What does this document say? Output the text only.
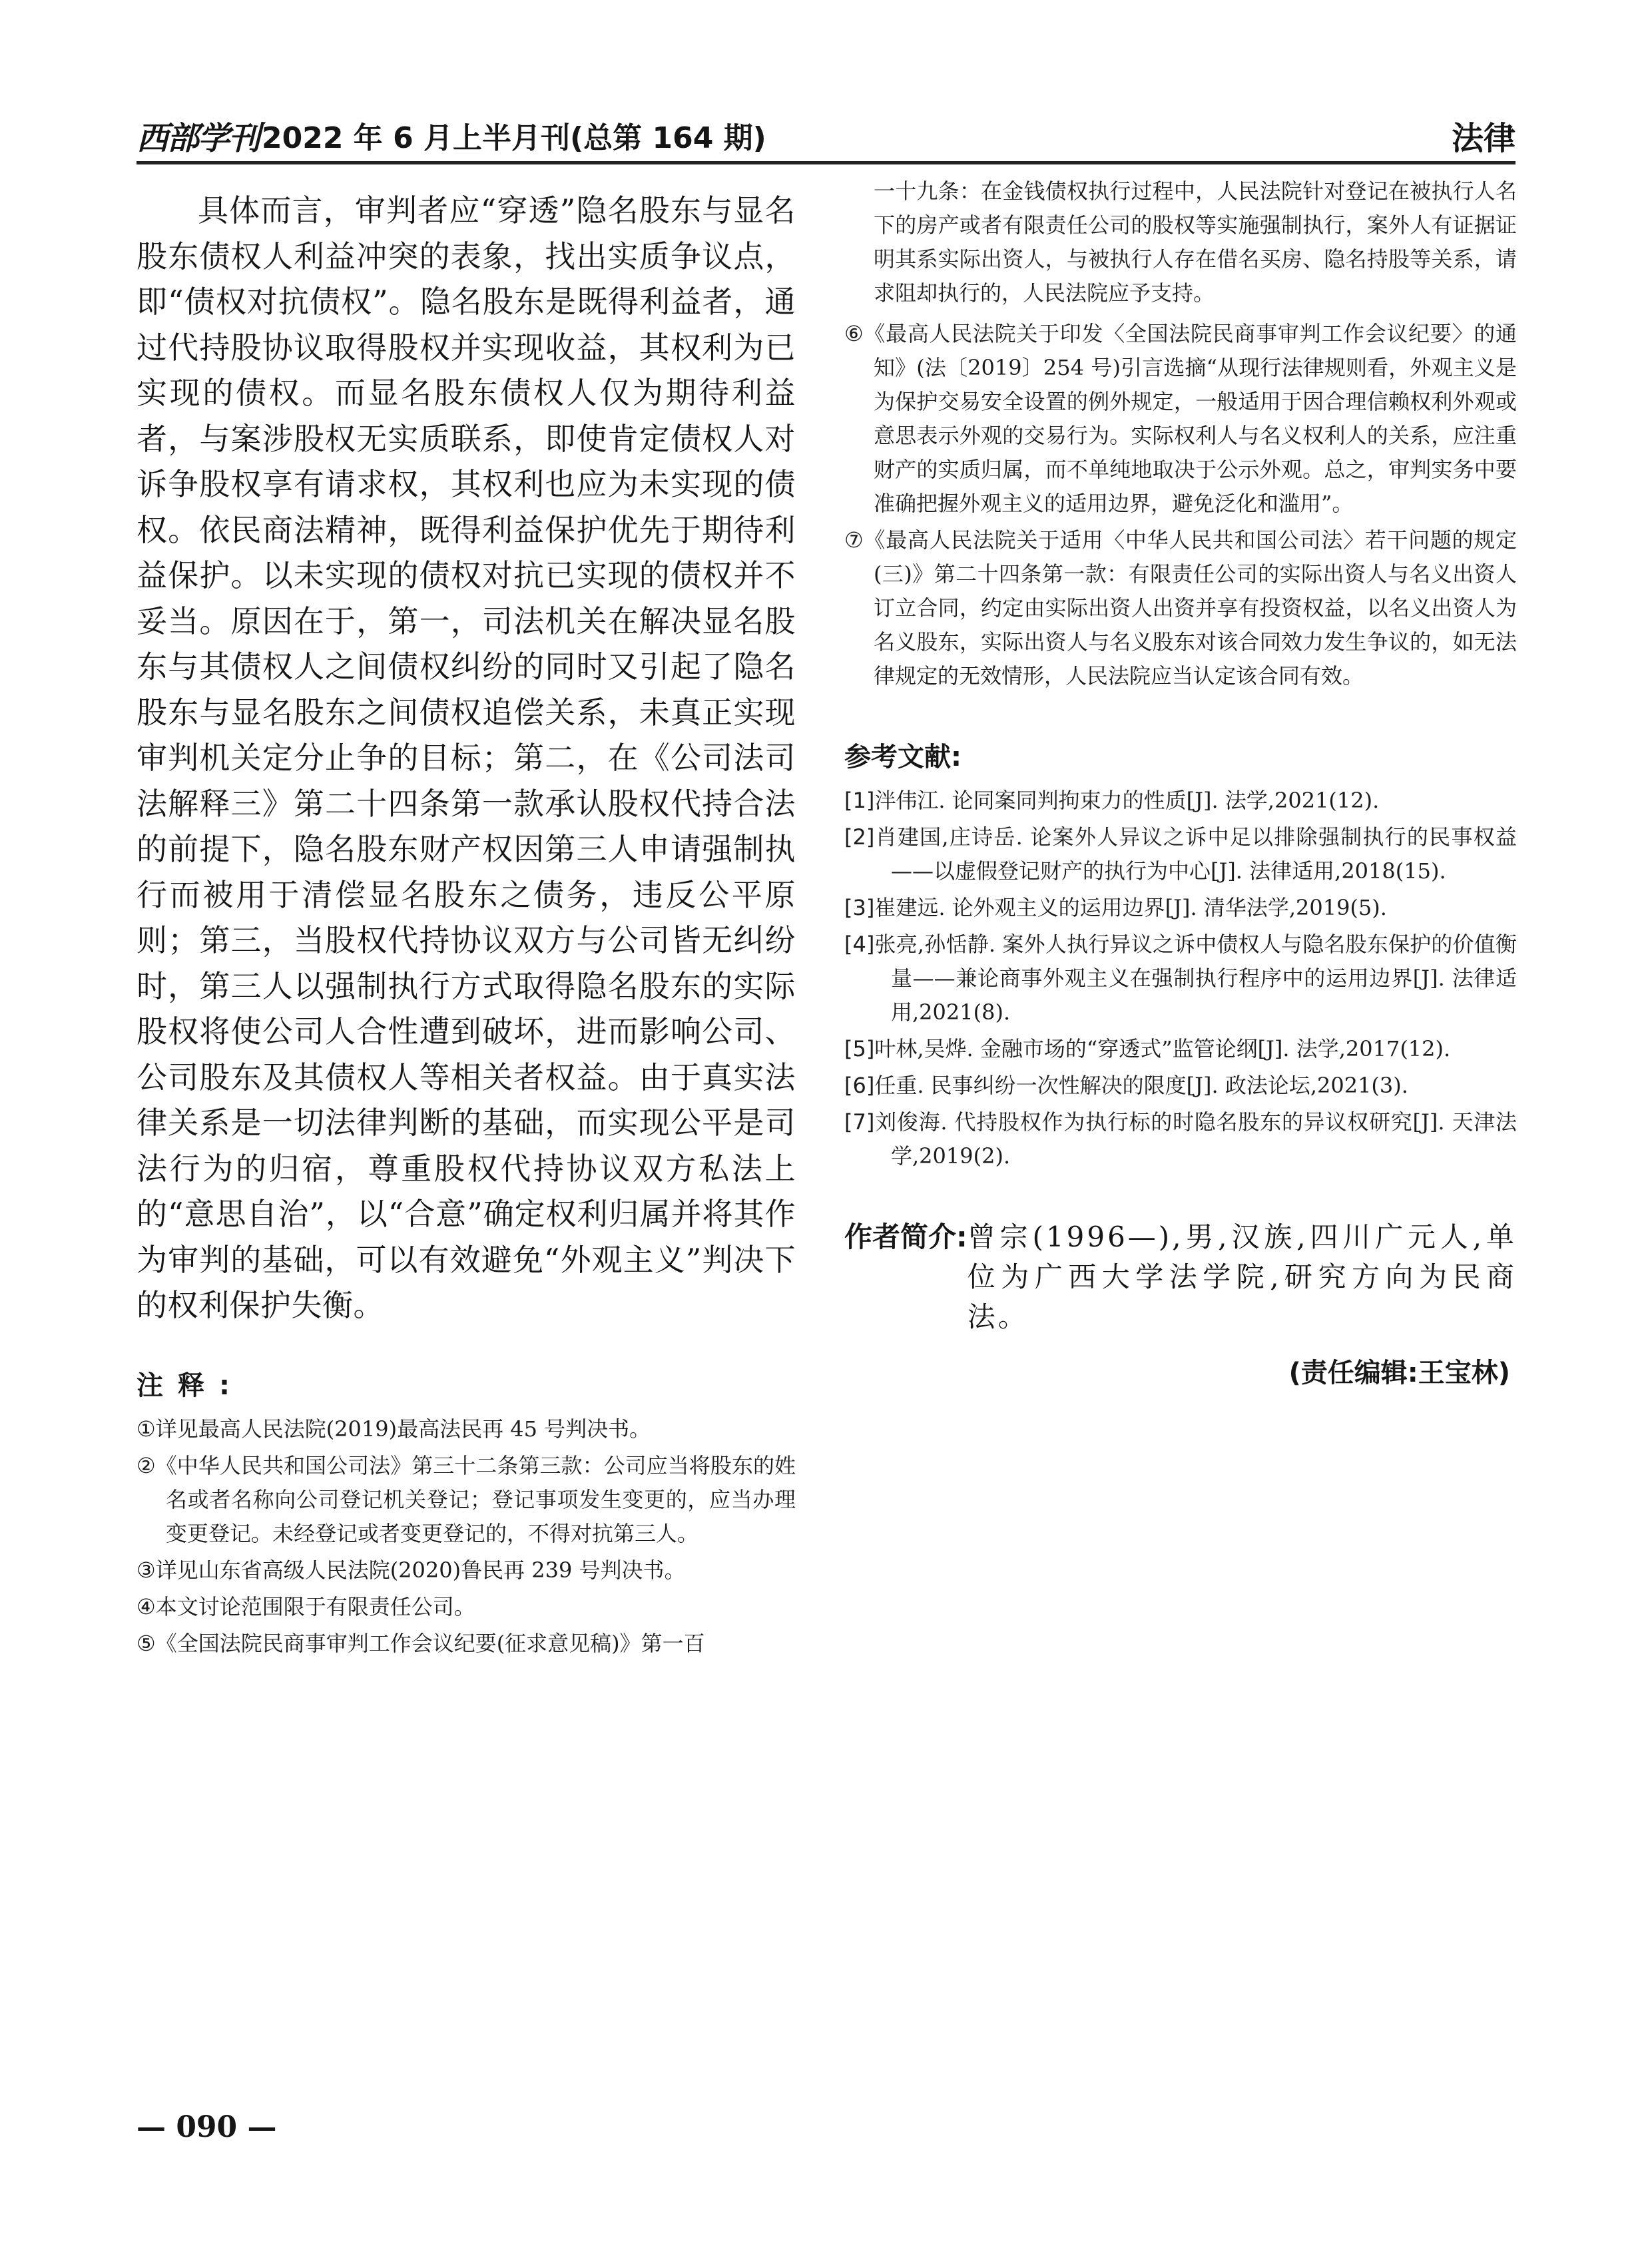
西部学刊 2022 年 6 月上半月刊(总第 164 期)	法律

具体而言，审判者应“穿透”隐名股东与显名股东债权人利益冲突的表象，找出实质争议点，即“债权对抗债权”。隐名股东是既得利益者，通过代持股协议取得股权并实现收益，其权利为已实现的债权。而显名股东债权人仅为期待利益者，与案涉股权无实质联系，即使肯定债权人对诉争股权享有请求权，其权利也应为未实现的债权。依民商法精神，既得利益保护优先于期待利益保护。以未实现的债权对抗已实现的债权并不妥当。原因在于，第一，司法机关在解决显名股东与其债权人之间债权纠纷的同时又引起了隐名股东与显名股东之间债权追偿关系，未真正实现审判机关定分止争的目标；第二，在《公司法司法解释三》第二十四条第一款承认股权代持合法的前提下，隐名股东财产权因第三人申请强制执行而被用于清偿显名股东之债务，违反公平原则；第三，当股权代持协议双方与公司皆无纠纷时，第三人以强制执行方式取得隐名股东的实际股权将使公司人合性遭到破坏，进而影响公司、公司股东及其债权人等相关者权益。由于真实法律关系是一切法律判断的基础，而实现公平是司法行为的归宿，尊重股权代持协议双方私法上的“意思自治”，以“合意”确定权利归属并将其作为审判的基础，可以有效避免“外观主义”判决下的权利保护失衡。

注释:
①详见最高人民法院(2019)最高法民再 45 号判决书。
②《中华人民共和国公司法》第三十二条第三款：公司应当将股东的姓名或者名称向公司登记机关登记；登记事项发生变更的，应当办理变更登记。未经登记或者变更登记的，不得对抗第三人。
③详见山东省高级人民法院(2020)鲁民再 239 号判决书。
④本文讨论范围限于有限责任公司。
⑤《全国法院民商事审判工作会议纪要(征求意见稿)》第一百
一十九条：在金钱债权执行过程中，人民法院针对登记在被执行人名下的房产或者有限责任公司的股权等实施强制执行，案外人有证据证明其系实际出资人，与被执行人存在借名买房、隐名持股等关系，请求阻却执行的，人民法院应予支持。
⑥《最高人民法院关于印发〈全国法院民商事审判工作会议纪要〉的通知》(法〔2019〕254 号)引言选摘“从现行法律规则看，外观主义是为保护交易安全设置的例外规定，一般适用于因合理信赖权利外观或意思表示外观的交易行为。实际权利人与名义权利人的关系，应注重财产的实质归属，而不单纯地取决于公示外观。总之，审判实务中要准确把握外观主义的适用边界，避免泛化和滥用”。
⑦《最高人民法院关于适用〈中华人民共和国公司法〉若干问题的规定(三)》第二十四条第一款：有限责任公司的实际出资人与名义出资人订立合同，约定由实际出资人出资并享有投资权益，以名义出资人为名义股东，实际出资人与名义股东对该合同效力发生争议的，如无法律规定的无效情形，人民法院应当认定该合同有效。
参考文献:
[1]泮伟江. 论同案同判拘束力的性质[J]. 法学,2021(12).
[2]肖建国,庄诗岳. 论案外人异议之诉中足以排除强制执行的民事权益——以虚假登记财产的执行为中心[J]. 法律适用,2018(15).
[3]崔建远. 论外观主义的运用边界[J]. 清华法学,2019(5).
[4]张亮,孙恬静. 案外人执行异议之诉中债权人与隐名股东保护的价值衡量——兼论商事外观主义在强制执行程序中的运用边界[J]. 法律适用,2021(8).
[5]叶林,吴烨. 金融市场的“穿透式”监管论纲[J]. 法学,2017(12).
[6]任重. 民事纠纷一次性解决的限度[J]. 政法论坛,2021(3).
[7]刘俊海. 代持股权作为执行标的时隐名股东的异议权研究[J]. 天津法学,2019(2).
作者简介: 曾宗(1996—),男,汉族,四川广元人,单位为广西大学法学院,研究方向为民商法。
(责任编辑:王宝林)
— 090 —
